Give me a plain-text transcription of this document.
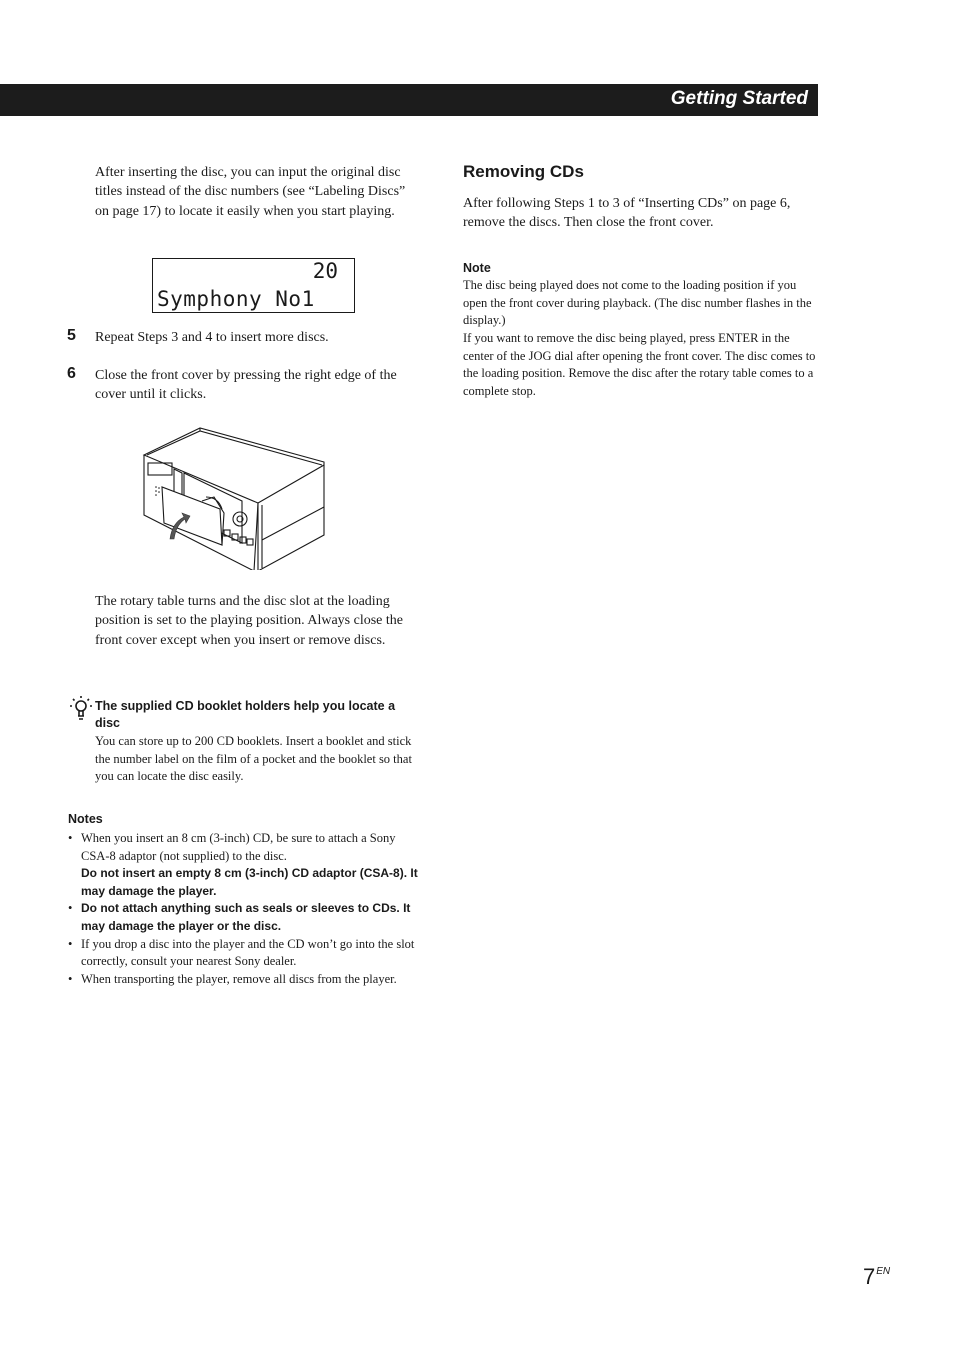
Getting Started

After inserting the disc, you can input the original disc titles instead of the disc numbers (see “Labeling Discs” on page 17) to locate it easily when you start playing.

20
Symphony No1
5 Repeat Steps 3 and 4 to insert more discs.

6 Close the front cover by pressing the right edge of the cover until it clicks.

The rotary table turns and the disc slot at the loading position is set to the playing position. Always close the front cover except when you insert or remove discs.

The supplied CD booklet holders help you locate a disc

You can store up to 200 CD booklets. Insert a booklet and stick the number label on the film of a pocket and the booklet so that you can locate the disc easily.

Notes

• When you insert an 8 cm (3-inch) CD, be sure to attach a Sony CSA-8 adaptor (not supplied) to the disc.
Do not insert an empty 8 cm (3-inch) CD adaptor (CSA-8). It may damage the player.
• Do not attach anything such as seals or sleeves to CDs. It may damage the player or the disc.
• If you drop a disc into the player and the CD won’t go into the slot correctly, consult your nearest Sony dealer.
• When transporting the player, remove all discs from the player.

Removing CDs

After following Steps 1 to 3 of “Inserting CDs” on page 6, remove the discs. Then close the front cover.

Note

The disc being played does not come to the loading position if you open the front cover during playback. (The disc number flashes in the display.)

If you want to remove the disc being played, press ENTER in the center of the JOG dial after opening the front cover. The disc comes to the loading position. Remove the disc after the rotary table comes to a complete stop.

$7^{EN}$
